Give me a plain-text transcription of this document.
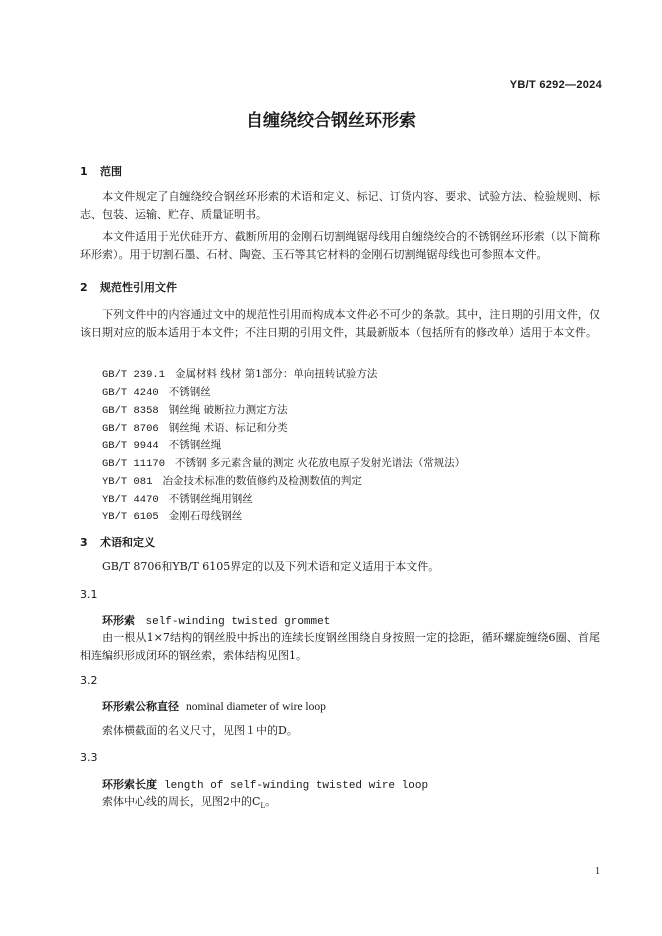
YB/T 6292—2024
自缠绕绞合钢丝环形索
1 范围
本文件规定了自缠绕绞合钢丝环形索的术语和定义、标记、订货内容、要求、试验方法、检验规则、标志、包装、运输、贮存、质量证明书。
本文件适用于光伏硅开方、截断所用的金刚石切割绳锯母线用自缠绕绞合的不锈钢丝环形索（以下简称环形索）。用于切割石墨、石材、陶瓷、玉石等其它材料的金刚石切割绳锯母线也可参照本文件。
2 规范性引用文件
下列文件中的内容通过文中的规范性引用而构成本文件必不可少的条款。其中，注日期的引用文件，仅该日期对应的版本适用于本文件；不注日期的引用文件，其最新版本（包括所有的修改单）适用于本文件。
GB/T 239.1 金属材料 线材 第1部分：单向扭转试验方法
GB/T 4240 不锈钢丝
GB/T 8358 钢丝绳 破断拉力测定方法
GB/T 8706 钢丝绳 术语、标记和分类
GB/T 9944 不锈钢丝绳
GB/T 11170 不锈钢 多元素含量的测定 火花放电原子发射光谱法（常规法）
YB/T 081 冶金技术标准的数值修约及检测数值的判定
YB/T 4470 不锈钢丝绳用钢丝
YB/T 6105 金刚石母线钢丝
3 术语和定义
GB/T 8706和YB/T 6105界定的以及下列术语和定义适用于本文件。
3.1
环形索 self-winding twisted grommet
由一根从1×7结构的钢丝股中拆出的连续长度钢丝围绕自身按照一定的捻距，循环螺旋缠绕6圈、首尾相连编织形成闭环的钢丝索，索体结构见图1。
3.2
环形索公称直径 nominal diameter of wire loop
索体横截面的名义尺寸，见图１中的D。
3.3
环形索长度 length of self-winding twisted wire loop
索体中心线的周长，见图2中的$C_L$。
1
